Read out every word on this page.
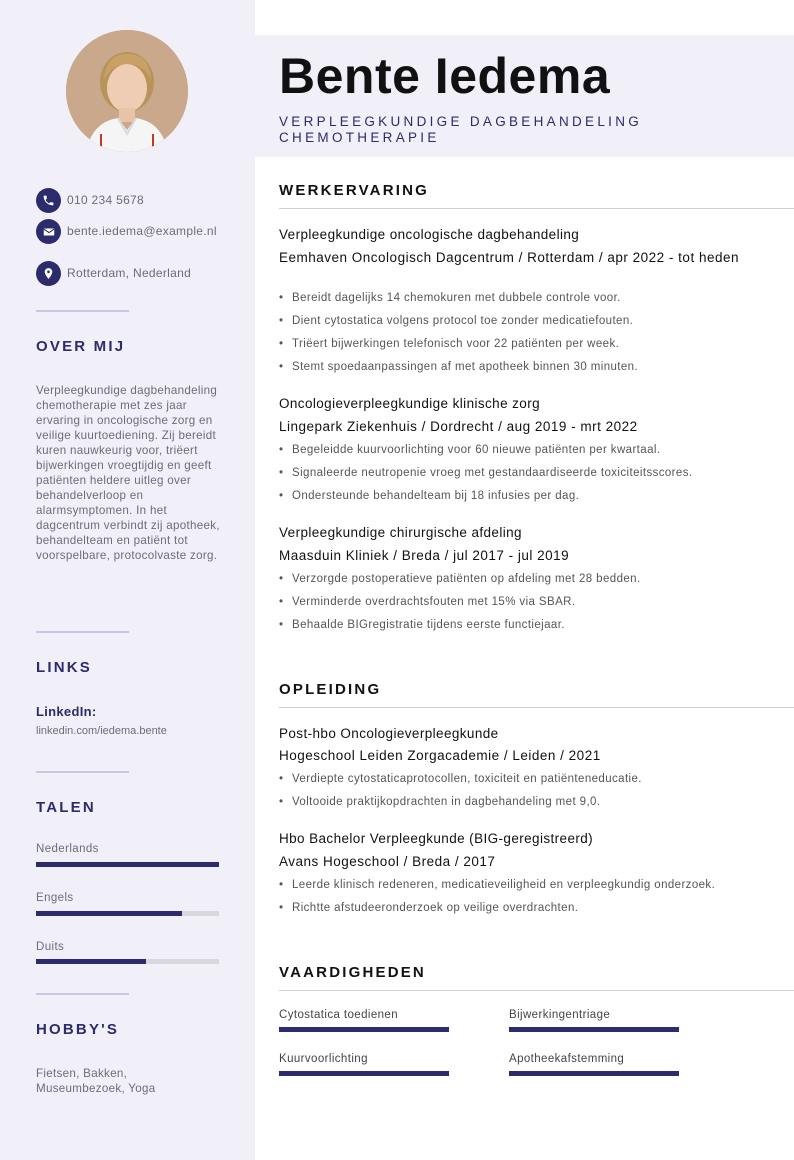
010 234 5678
bente.iedema@example.nl
Rotterdam, Nederland
OVER MIJ
Verpleegkundige dagbehandeling chemotherapie met zes jaar ervaring in oncologische zorg en veilige kuurtoediening. Zij bereidt kuren nauwkeurig voor, triëert bijwerkingen vroegtijdig en geeft patiënten heldere uitleg over behandelverloop en alarmsymptomen. In het dagcentrum verbindt zij apotheek, behandelteam en patiënt tot voorspelbare, protocolvaste zorg.
LINKS
LinkedIn:
linkedin.com/iedema.bente
TALEN
Nederlands
Engels
Duits
HOBBY'S
Fietsen, Bakken, Museumbezoek, Yoga
Bente Iedema
VERPLEEGKUNDIGE DAGBEHANDELING CHEMOTHERAPIE
WERKERVARING
Verpleegkundige oncologische dagbehandeling
Eemhaven Oncologisch Dagcentrum / Rotterdam / apr 2022 - tot heden
• Bereidt dagelijks 14 chemokuren met dubbele controle voor.
• Dient cytostatica volgens protocol toe zonder medicatiefouten.
• Triëert bijwerkingen telefonisch voor 22 patiënten per week.
• Stemt spoedaanpassingen af met apotheek binnen 30 minuten.
Oncologieverpleegkundige klinische zorg
Lingepark Ziekenhuis / Dordrecht / aug 2019 - mrt 2022
• Begeleidde kuurvoorlichting voor 60 nieuwe patiënten per kwartaal.
• Signaleerde neutropenie vroeg met gestandaardiseerde toxiciteitsscores.
• Ondersteunde behandelteam bij 18 infusies per dag.
Verpleegkundige chirurgische afdeling
Maasduin Kliniek / Breda / jul 2017 - jul 2019
• Verzorgde postoperatieve patiënten op afdeling met 28 bedden.
• Verminderde overdrachtsfouten met 15% via SBAR.
• Behaalde BIGregistratie tijdens eerste functiejaar.
OPLEIDING
Post-hbo Oncologieverpleegkunde
Hogeschool Leiden Zorgacademie / Leiden / 2021
• Verdiepte cytostaticaprotocollen, toxiciteit en patiënteneducatie.
• Voltooide praktijkopdrachten in dagbehandeling met 9,0.
Hbo Bachelor Verpleegkunde (BIG-geregistreerd)
Avans Hogeschool / Breda / 2017
• Leerde klinisch redeneren, medicatieveiligheid en verpleegkundig onderzoek.
• Richtte afstudeeronderzoek op veilige overdrachten.
VAARDIGHEDEN
Cytostatica toedienen	Bijwerkingentriage
Kuurvoorlichting	Apotheekafstemming
